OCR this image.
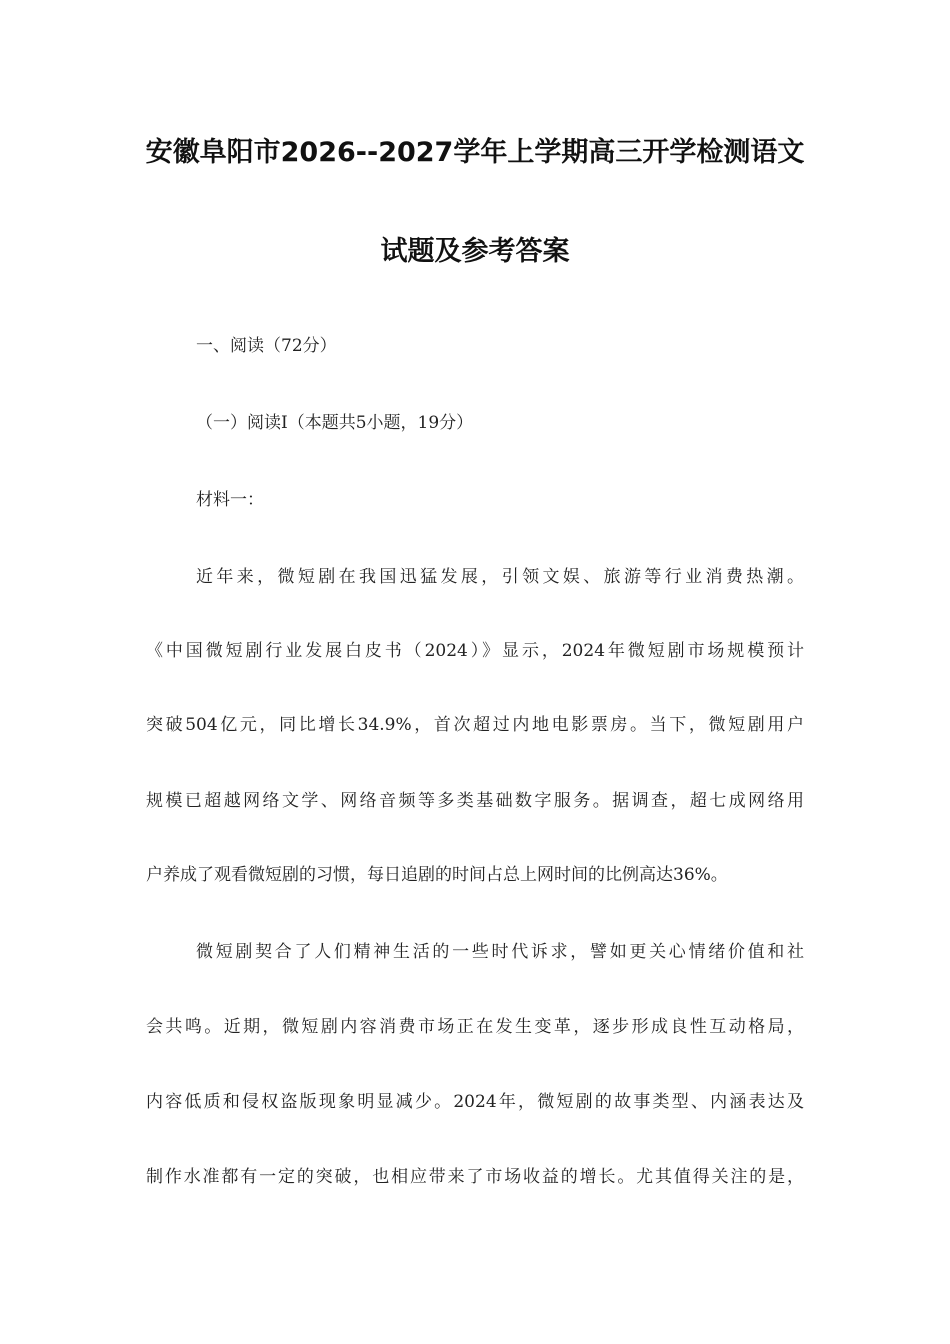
安徽阜阳市2026--2027学年上学期高三开学检测语文
试题及参考答案
一、阅读（72分）
（一）阅读I（本题共5小题，19分）
材料一：
近年来，微短剧在我国迅猛发展，引领文娱、旅游等行业消费热潮。
《中国微短剧行业发展白皮书（2024）》显示，2024年微短剧市场规模预计
突破504亿元，同比增长34.9%，首次超过内地电影票房。当下，微短剧用户
规模已超越网络文学、网络音频等多类基础数字服务。据调查，超七成网络用
户养成了观看微短剧的习惯，每日追剧的时间占总上网时间的比例高达36%。
微短剧契合了人们精神生活的一些时代诉求，譬如更关心情绪价值和社
会共鸣。近期，微短剧内容消费市场正在发生变革，逐步形成良性互动格局，
内容低质和侵权盗版现象明显减少。2024年，微短剧的故事类型、内涵表达及
制作水准都有一定的突破，也相应带来了市场收益的增长。尤其值得关注的是，
